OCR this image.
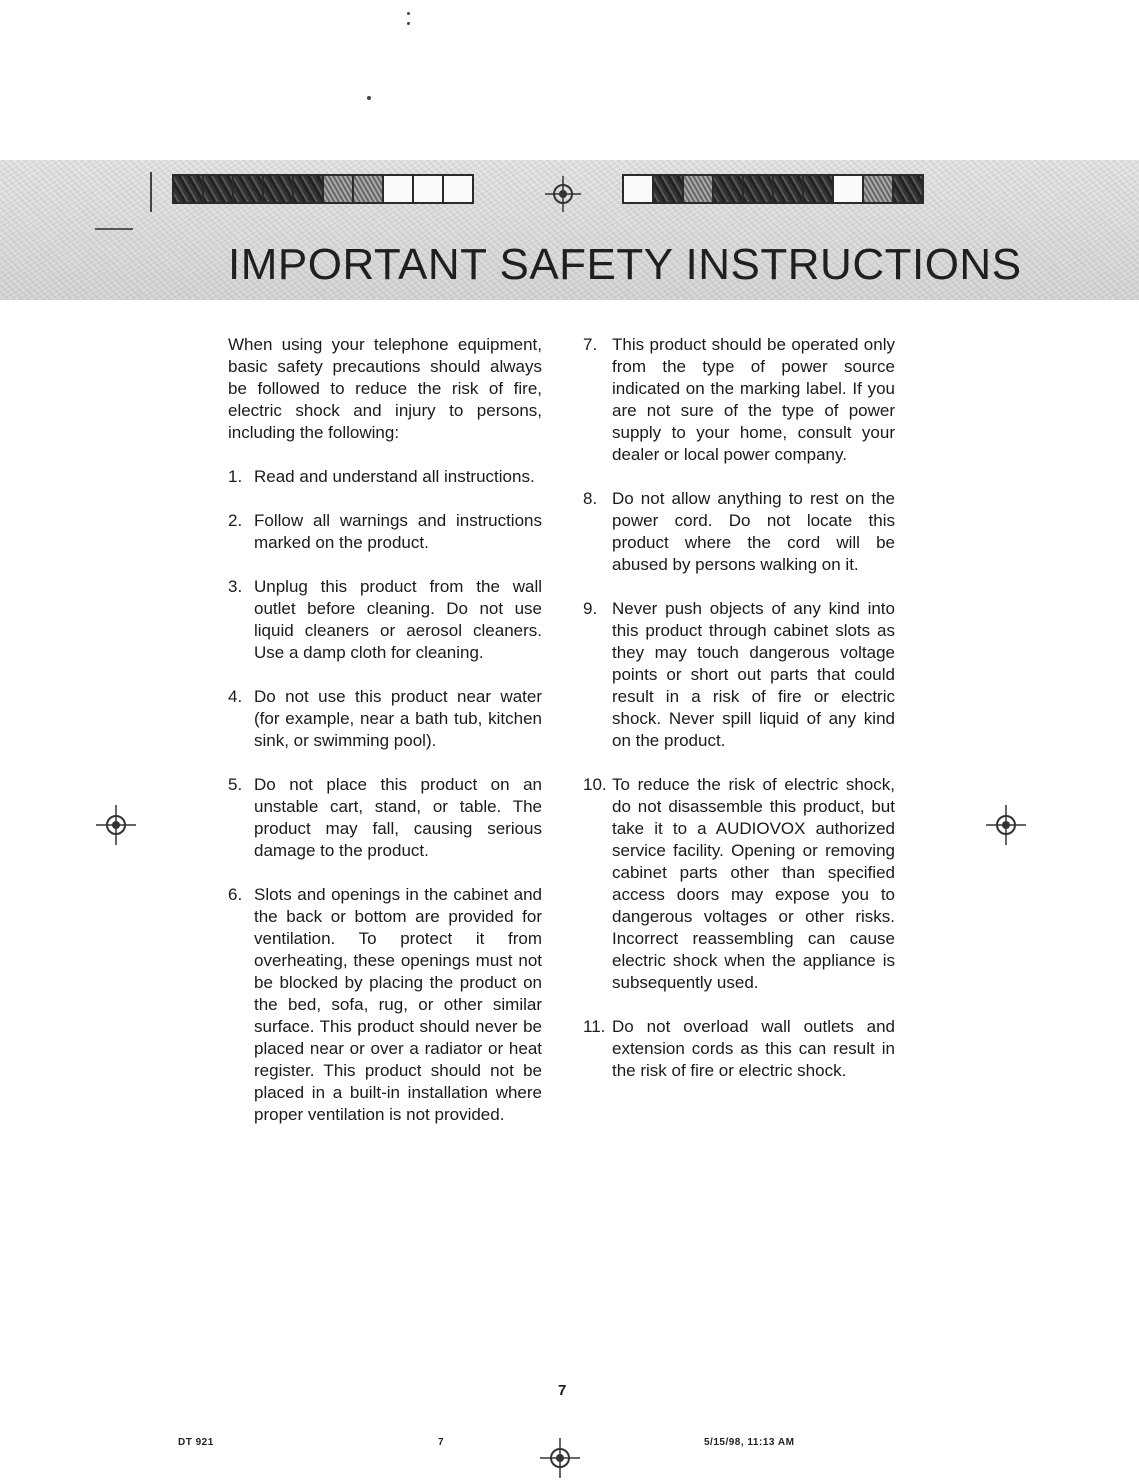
IMPORTANT SAFETY INSTRUCTIONS

When using your telephone equipment, basic safety precautions should always be followed to reduce the risk of fire, electric shock and injury to persons, including the following:

1. Read and understand all instructions.
2. Follow all warnings and instructions marked on the product.
3. Unplug this product from the wall outlet before cleaning. Do not use liquid cleaners or aerosol cleaners. Use a damp cloth for cleaning.
4. Do not use this product near water (for example, near a bath tub, kitchen sink, or swimming pool).
5. Do not place this product on an unstable cart, stand, or table. The product may fall, causing serious damage to the product.
6. Slots and openings in the cabinet and the back or bottom are provided for ventilation. To protect it from overheating, these openings must not be blocked by placing the product on the bed, sofa, rug, or other similar surface. This product should never be placed near or over a radiator or heat register. This product should not be placed in a built-in installation where proper ventilation is not provided.
7. This product should be operated only from the type of power source indicated on the marking label. If you are not sure of the type of power supply to your home, consult your dealer or local power company.
8. Do not allow anything to rest on the power cord. Do not locate this product where the cord will be abused by persons walking on it.
9. Never push objects of any kind into this product through cabinet slots as they may touch dangerous voltage points or short out parts that could result in a risk of fire or electric shock. Never spill liquid of any kind on the product.
10. To reduce the risk of electric shock, do not disassemble this product, but take it to a AUDIOVOX authorized service facility. Opening or removing cabinet parts other than specified access doors may expose you to dangerous voltages or other risks. Incorrect reassembling can cause electric shock when the appliance is subsequently used.
11. Do not overload wall outlets and extension cords as this can result in the risk of fire or electric shock.
7
DT 921	7	5/15/98, 11:13 AM
